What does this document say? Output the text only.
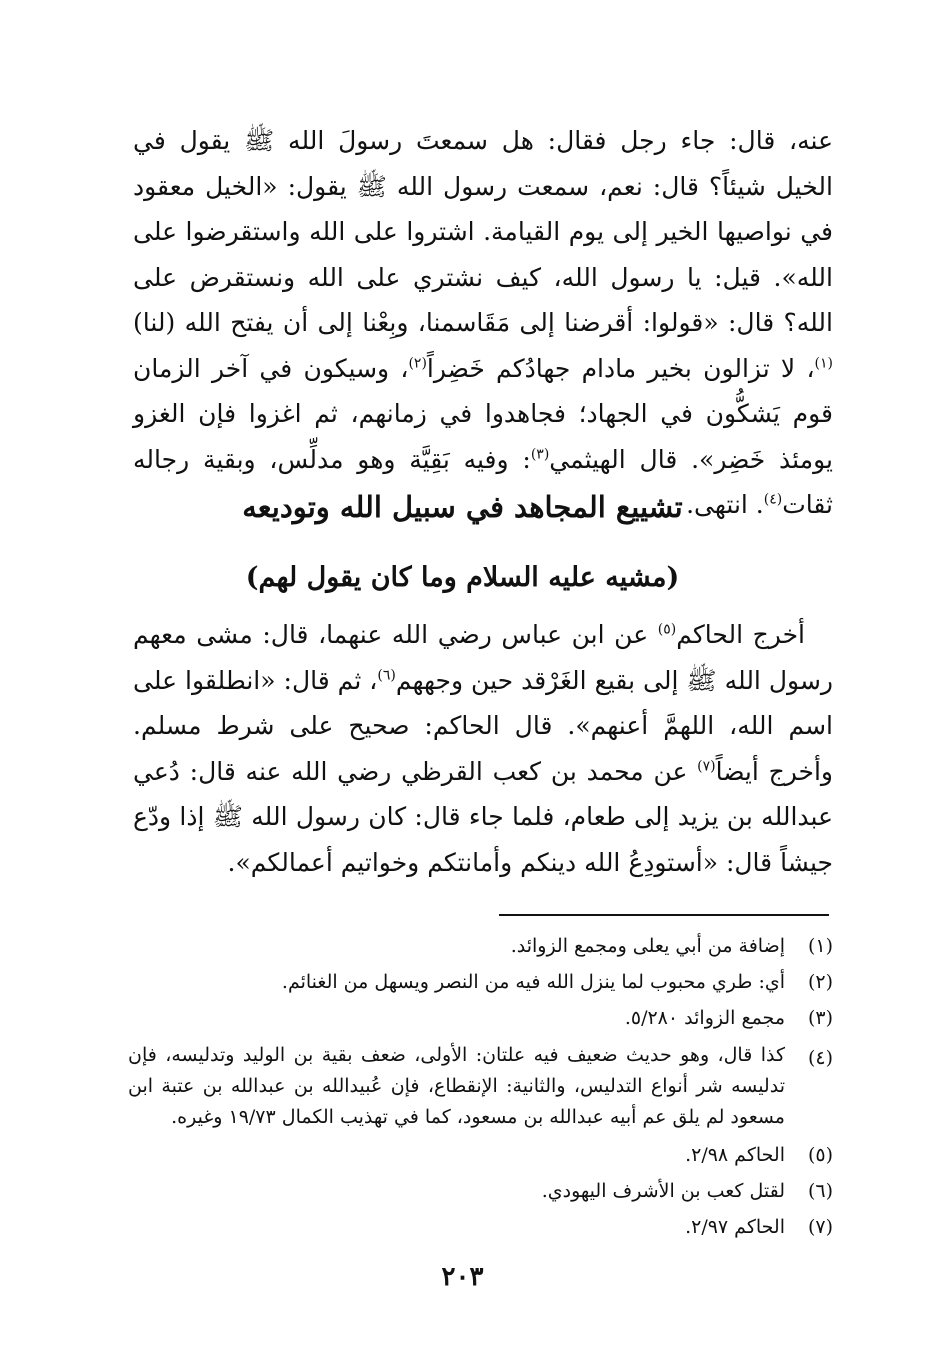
عنه، قال: جاء رجل فقال: هل سمعتَ رسولَ الله ﷺ يقول في الخيل شيئاً؟ قال: نعم، سمعت رسول الله ﷺ يقول: «الخيل معقود في نواصيها الخير إلى يوم القيامة. اشتروا على الله واستقرضوا على الله». قيل: يا رسول الله، كيف نشتري على الله ونستقرض على الله؟ قال: «قولوا: أقرضنا إلى مَقَاسمنا، وبِعْنا إلى أن يفتح الله (لنا)$^{(١)}$، لا تزالون بخير مادام جهادُكم خَضِراً$^{(٢)}$، وسيكون في آخر الزمان قوم يَشكُّون في الجهاد؛ فجاهدوا في زمانهم، ثم اغزوا فإن الغزو يومئذ خَضِر». قال الهيثمي$^{(٣)}$: وفيه بَقِيَّة وهو مدلِّس، وبقية رجاله ثقات$^{(٤)}$. انتهى.

تشييع المجاهد في سبيل الله وتوديعه
(مشيه عليه السلام وما كان يقول لهم)

أخرج الحاكم$^{(٥)}$ عن ابن عباس رضي الله عنهما، قال: مشى معهم رسول الله ﷺ إلى بقيع الغَرْقد حين وجههم$^{(٦)}$، ثم قال: «انطلقوا على اسم الله، اللهمَّ أعنهم». قال الحاكم: صحيح على شرط مسلم. وأخرج أيضاً$^{(٧)}$ عن محمد بن كعب القرظي رضي الله عنه قال: دُعي عبدالله بن يزيد إلى طعام، فلما جاء قال: كان رسول الله ﷺ إذا ودّع جيشاً قال: «أستودِعُ الله دينكم وأمانتكم وخواتيم أعمالكم».

(١)
إضافة من أبي يعلى ومجمع الزوائد.
(٢)
أي: طري محبوب لما ينزل الله فيه من النصر ويسهل من الغنائم.
(٣)
مجمع الزوائد ٥/٢٨٠.
(٤)
كذا قال، وهو حديث ضعيف فيه علتان: الأولى، ضعف بقية بن الوليد وتدليسه، فإن تدليسه شر أنواع التدليس، والثانية: الإنقطاع، فإن عُبيدالله بن عبدالله بن عتبة ابن مسعود لم يلق عم أبيه عبدالله بن مسعود، كما في تهذيب الكمال ١٩/٧٣ وغيره.
(٥)
الحاكم ٢/٩٨.
(٦)
لقتل كعب بن الأشرف اليهودي.
(٧)
الحاكم ٢/٩٧.
٢٠٣
